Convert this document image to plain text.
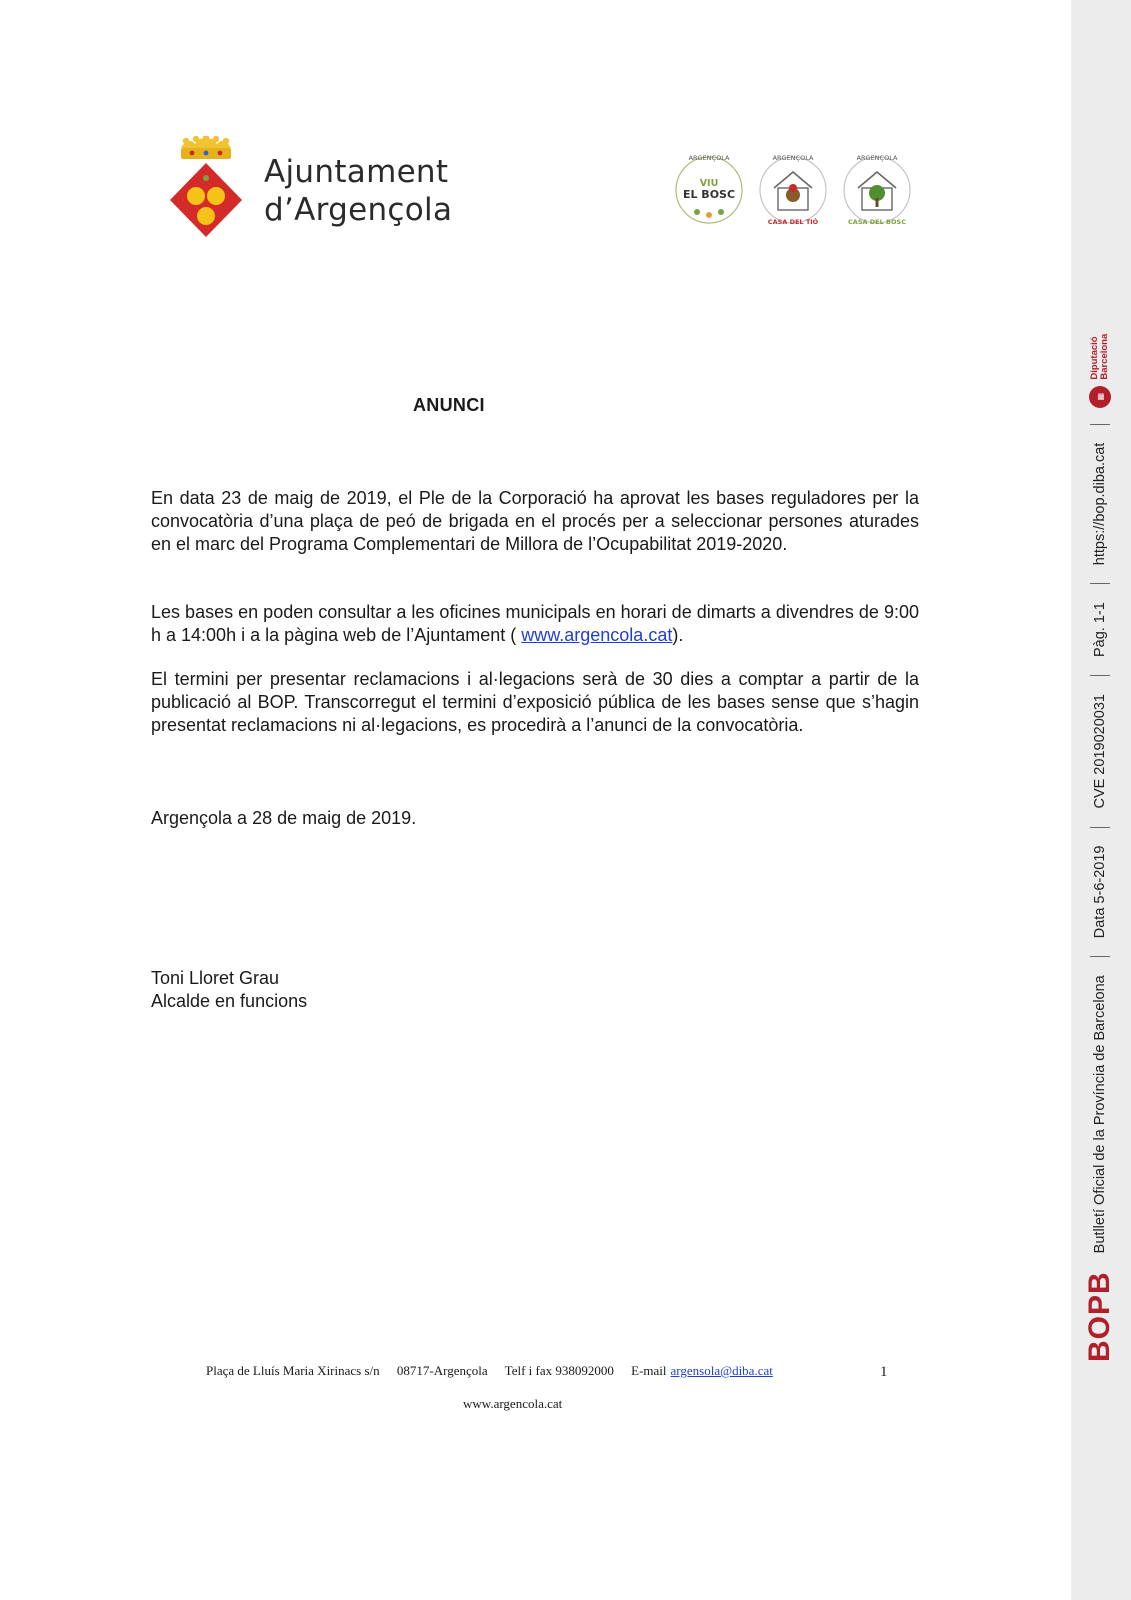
Ajuntament
d’Argençola
ARGENÇOLA
VIU
EL BOSC
ARGENÇOLA
CASA DEL TIÓ
ARGENÇOLA
CASA DEL BOSC
ANUNCI

En data 23 de maig de 2019, el Ple de la Corporació ha aprovat les bases reguladores per la convocatòria d’una plaça de peó de brigada en el procés per a seleccionar persones aturades en el marc del Programa Complementari de Millora de l’Ocupabilitat 2019-2020.

Les bases en poden consultar a les oficines municipals en horari de dimarts a divendres de 9:00 h a 14:00h i a la pàgina web de l’Ajuntament ( www.argencola.cat).

El termini per presentar reclamacions i al·legacions serà de 30 dies a comptar a partir de la publicació al BOP. Transcorregut el termini d’exposició pública de les bases sense que s’hagin presentat reclamacions ni al·legacions, es procedirà a l’anunci de la convocatòria.

Argençola a 28 de maig de 2019.
Toni Lloret Grau
Alcalde en funcions
Plaça de Lluís Maria Xirinacs s/n 08717-Argençola Telf i fax 938092000 E-mail argensola@diba.cat	1
www.argencola.cat
BOPB
Butlletí Oficial de la Província de Barcelona
Data 5-6-2019
CVE 2019020031
Pàg. 1-1
https://bop.diba.cat
▦
Diputació
Barcelona
